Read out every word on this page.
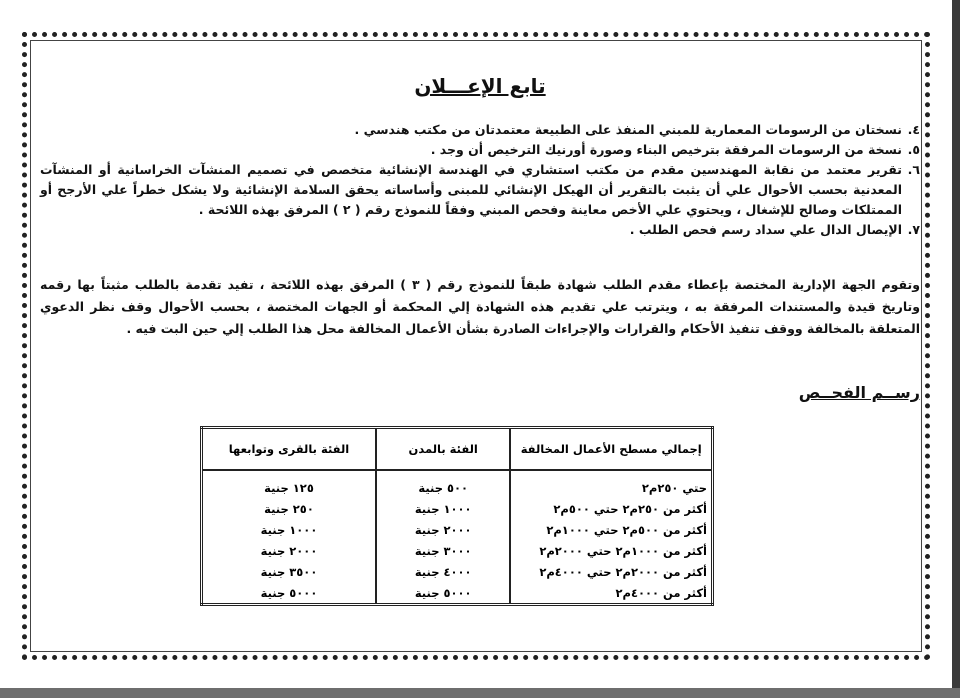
تابع الإعـــلان
٤.
نسختان من الرسومات المعمارية للمبني المنفذ على الطبيعة معتمدتان من مكتب هندسي .
٥.
نسخة من الرسومات المرفقة بترخيص البناء وصورة أورنيك الترخيص أن وجد .
٦.
تقرير معتمد من نقابة المهندسين مقدم من مكتب استشاري في الهندسة الإنشائية متخصص في تصميم المنشآت الخراسانية أو المنشآت المعدنية بحسب الأحوال علي أن يثبت بالتقرير أن الهيكل الإنشائي للمبنى وأساساته يحقق السلامة الإنشائية ولا يشكل خطراً علي الأرجح أو الممتلكات وصالح للإشغال ، ويحتوي علي الأخص معاينة وفحص المبني وفقاً للنموذج رقم ( ٢ ) المرفق بهذه اللائحة .
٧.
الإيصال الدال علي سداد رسم فحص الطلب .
وتقوم الجهة الإدارية المختصة بإعطاء مقدم الطلب شهادة طبقاً للنموذج رقم ( ٣ ) المرفق بهذه اللائحة ، تفيد تقدمة بالطلب مثبتاً بها رقمه وتاريخ قيدة والمستندات المرفقة به ، ويترتب علي تقديم هذه الشهادة إلي المحكمة أو الجهات المختصة ، بحسب الأحوال وقف نظر الدعوي المتعلقة بالمخالفة ووقف تنفيذ الأحكام والقرارات والإجراءات الصادرة بشأن الأعمال المخالفة محل هذا الطلب إلي حين البت فيه .
رســم الفحــص
إجمالي مسطح الأعمال المخالفة	الفئة بالمدن	الفئة بالقرى وتوابعها
حتي ٢٥٠م٢	٥٠٠ جنية	١٢٥ جنية
أكثر من ٢٥٠م٢ حتي ٥٠٠م٢	١٠٠٠ جنية	٢٥٠ جنية
أكثر من ٥٠٠م٢ حتي ١٠٠٠م٢	٢٠٠٠ جنية	١٠٠٠ جنية
أكثر من ١٠٠٠م٢ حتي ٢٠٠٠م٢	٣٠٠٠ جنية	٢٠٠٠ جنية
أكثر من ٢٠٠٠م٢ حتي ٤٠٠٠م٢	٤٠٠٠ جنية	٣٥٠٠ جنية
أكثر من ٤٠٠٠م٢	٥٠٠٠ جنية	٥٠٠٠ جنية
